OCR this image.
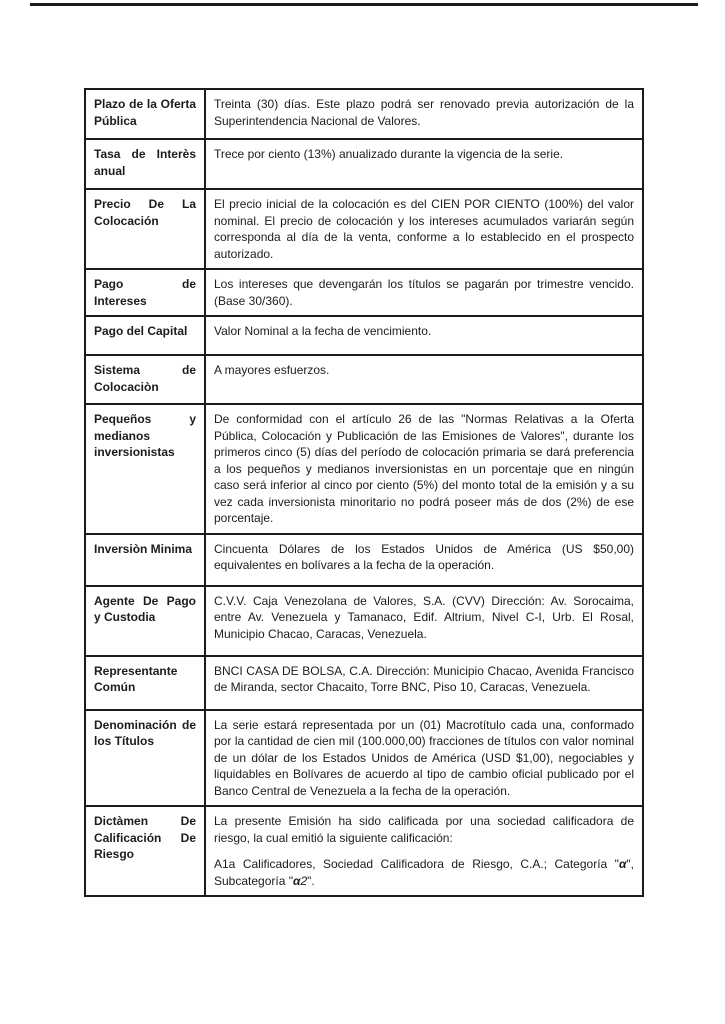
Plazo de la Oferta Pública	Treinta (30) días. Este plazo podrá ser renovado previa autorización de la Superintendencia Nacional de Valores.

Tasa de Interès anual	Trece por ciento (13%) anualizado durante la vigencia de la serie.

Precio De La Colocación	El precio inicial de la colocación es del CIEN POR CIENTO (100%) del valor nominal. El precio de colocación y los intereses acumulados variarán según corresponda al día de la venta, conforme a lo establecido en el prospecto autorizado.

Pago de Intereses	Los intereses que devengarán los títulos se pagarán por trimestre vencido. (Base 30/360).

Pago del Capital	Valor Nominal a la fecha de vencimiento.

Sistema de Colocaciòn	A mayores esfuerzos.

Pequeños y medianos inversionistas	De conformidad con el artículo 26 de las "Normas Relativas a la Oferta Pública, Colocación y Publicación de las Emisiones de Valores", durante los primeros cinco (5) días del período de colocación primaria se dará preferencia a los pequeños y medianos inversionistas en un porcentaje que en ningún caso será inferior al cinco por ciento (5%) del monto total de la emisión y a su vez cada inversionista minoritario no podrá poseer más de dos (2%) de ese porcentaje.

Inversiòn Minima	Cincuenta Dólares de los Estados Unidos de América (US $50,00) equivalentes en bolívares a la fecha de la operación.

Agente De Pago y Custodia	C.V.V. Caja Venezolana de Valores, S.A. (CVV) Dirección: Av. Sorocaima, entre Av. Venezuela y Tamanaco, Edif. Altrium, Nivel C-I, Urb. El Rosal, Municipio Chacao, Caracas, Venezuela.

Representante Común	BNCI CASA DE BOLSA, C.A. Dirección: Municipio Chacao, Avenida Francisco de Miranda, sector Chacaito, Torre BNC, Piso 10, Caracas, Venezuela.

Denominación de los Títulos	La serie estará representada por un (01) Macrotítulo cada una, conformado por la cantidad de cien mil (100.000,00) fracciones de títulos con valor nominal de un dólar de los Estados Unidos de América (USD $1,00), negociables y liquidables en Bolívares de acuerdo al tipo de cambio oficial publicado por el Banco Central de Venezuela a la fecha de la operación.

Dictàmen De Calificación De Riesgo	La presente Emisión ha sido calificada por una sociedad calificadora de riesgo, la cual emitió la siguiente calificación:

A1a Calificadores, Sociedad Calificadora de Riesgo, C.A.; Categoría "α", Subcategoría "α2".
